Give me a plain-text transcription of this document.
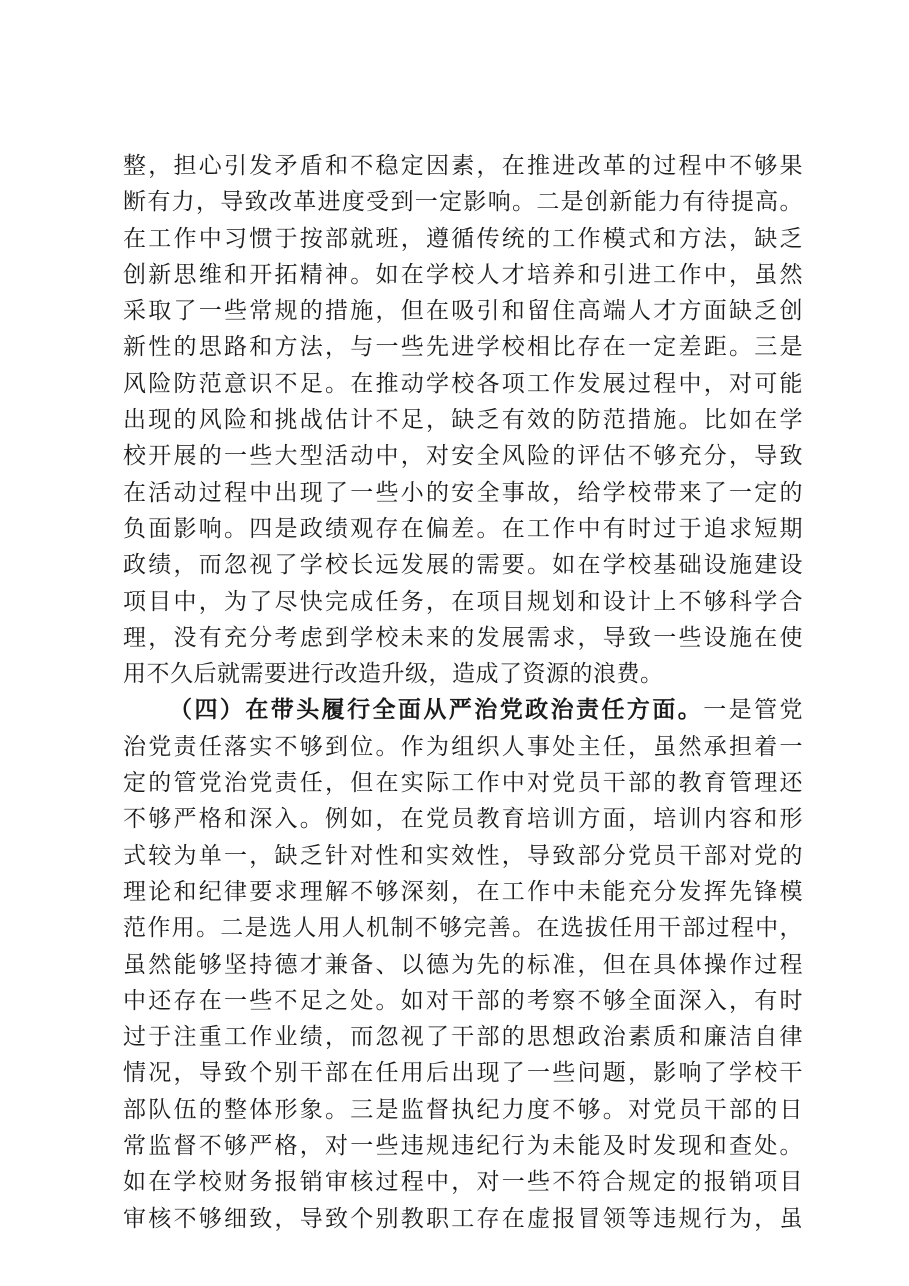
整，担心引发矛盾和不稳定因素，在推进改革的过程中不够果
断有力，导致改革进度受到一定影响。二是创新能力有待提高。
在工作中习惯于按部就班，遵循传统的工作模式和方法，缺乏
创新思维和开拓精神。如在学校人才培养和引进工作中，虽然
采取了一些常规的措施，但在吸引和留住高端人才方面缺乏创
新性的思路和方法，与一些先进学校相比存在一定差距。三是
风险防范意识不足。在推动学校各项工作发展过程中，对可能
出现的风险和挑战估计不足，缺乏有效的防范措施。比如在学
校开展的一些大型活动中，对安全风险的评估不够充分，导致
在活动过程中出现了一些小的安全事故，给学校带来了一定的
负面影响。四是政绩观存在偏差。在工作中有时过于追求短期
政绩，而忽视了学校长远发展的需要。如在学校基础设施建设
项目中，为了尽快完成任务，在项目规划和设计上不够科学合
理，没有充分考虑到学校未来的发展需求，导致一些设施在使
用不久后就需要进行改造升级，造成了资源的浪费。
（四）在带头履行全面从严治党政治责任方面。一是管党
治党责任落实不够到位。作为组织人事处主任，虽然承担着一
定的管党治党责任，但在实际工作中对党员干部的教育管理还
不够严格和深入。例如，在党员教育培训方面，培训内容和形
式较为单一，缺乏针对性和实效性，导致部分党员干部对党的
理论和纪律要求理解不够深刻，在工作中未能充分发挥先锋模
范作用。二是选人用人机制不够完善。在选拔任用干部过程中，
虽然能够坚持德才兼备、以德为先的标准，但在具体操作过程
中还存在一些不足之处。如对干部的考察不够全面深入，有时
过于注重工作业绩，而忽视了干部的思想政治素质和廉洁自律
情况，导致个别干部在任用后出现了一些问题，影响了学校干
部队伍的整体形象。三是监督执纪力度不够。对党员干部的日
常监督不够严格，对一些违规违纪行为未能及时发现和查处。
如在学校财务报销审核过程中，对一些不符合规定的报销项目
审核不够细致，导致个别教职工存在虚报冒领等违规行为，虽
